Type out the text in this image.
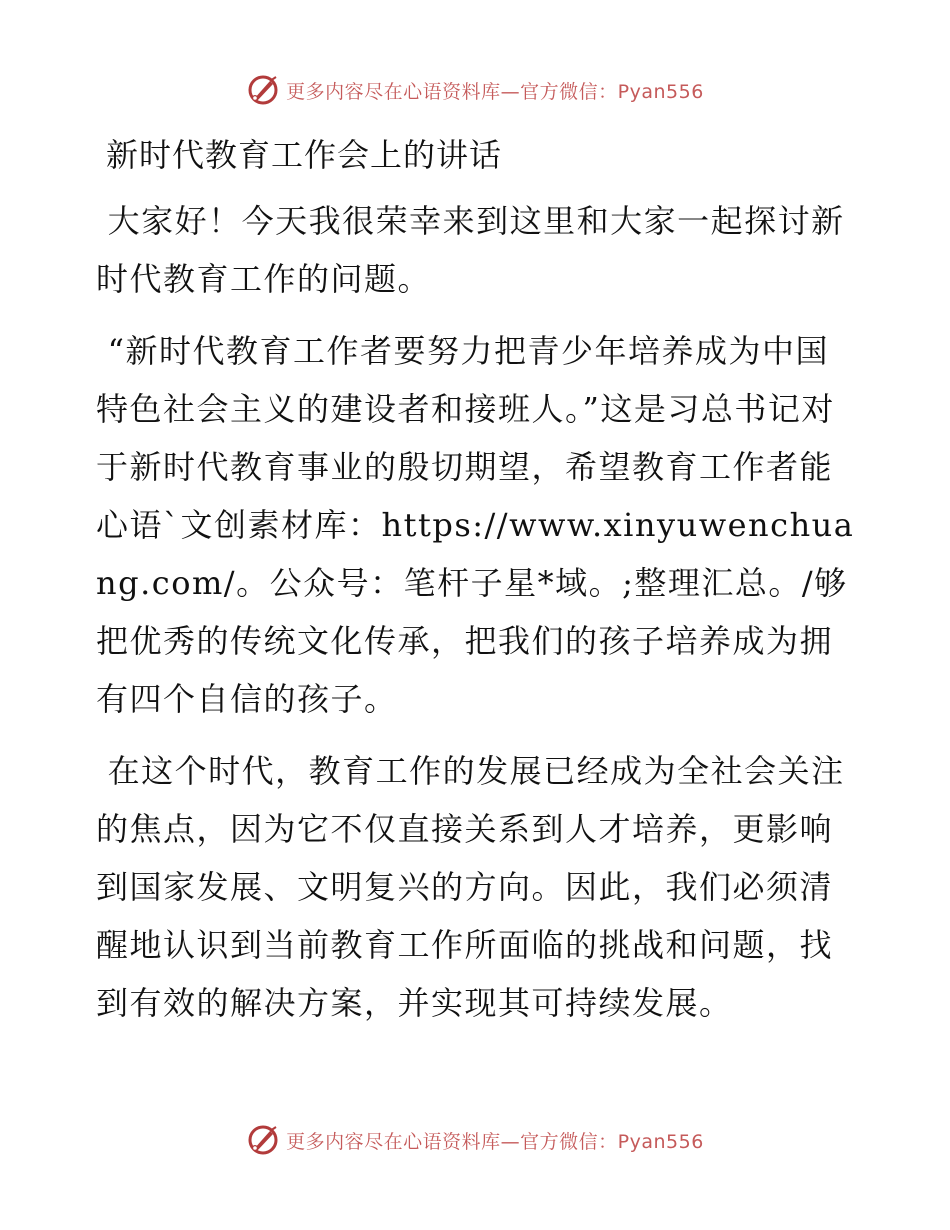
更多内容尽在心语资料库—官方微信：Pyan556
新时代教育工作会上的讲话

大家好！今天我很荣幸来到这里和大家一起探讨新时代教育工作的问题。

“新时代教育工作者要努力把青少年培养成为中国特色社会主义的建设者和接班人。”这是习总书记对于新时代教育事业的殷切期望，希望教育工作者能心语`文创素材库：https://www.xinyuwenchuang.com/。公众号：笔杆子星*域。;整理汇总。/够把优秀的传统文化传承，把我们的孩子培养成为拥有四个自信的孩子。

在这个时代，教育工作的发展已经成为全社会关注的焦点，因为它不仅直接关系到人才培养，更影响到国家发展、文明复兴的方向。因此，我们必须清醒地认识到当前教育工作所面临的挑战和问题，找到有效的解决方案，并实现其可持续发展。

更多内容尽在心语资料库—官方微信：Pyan556
